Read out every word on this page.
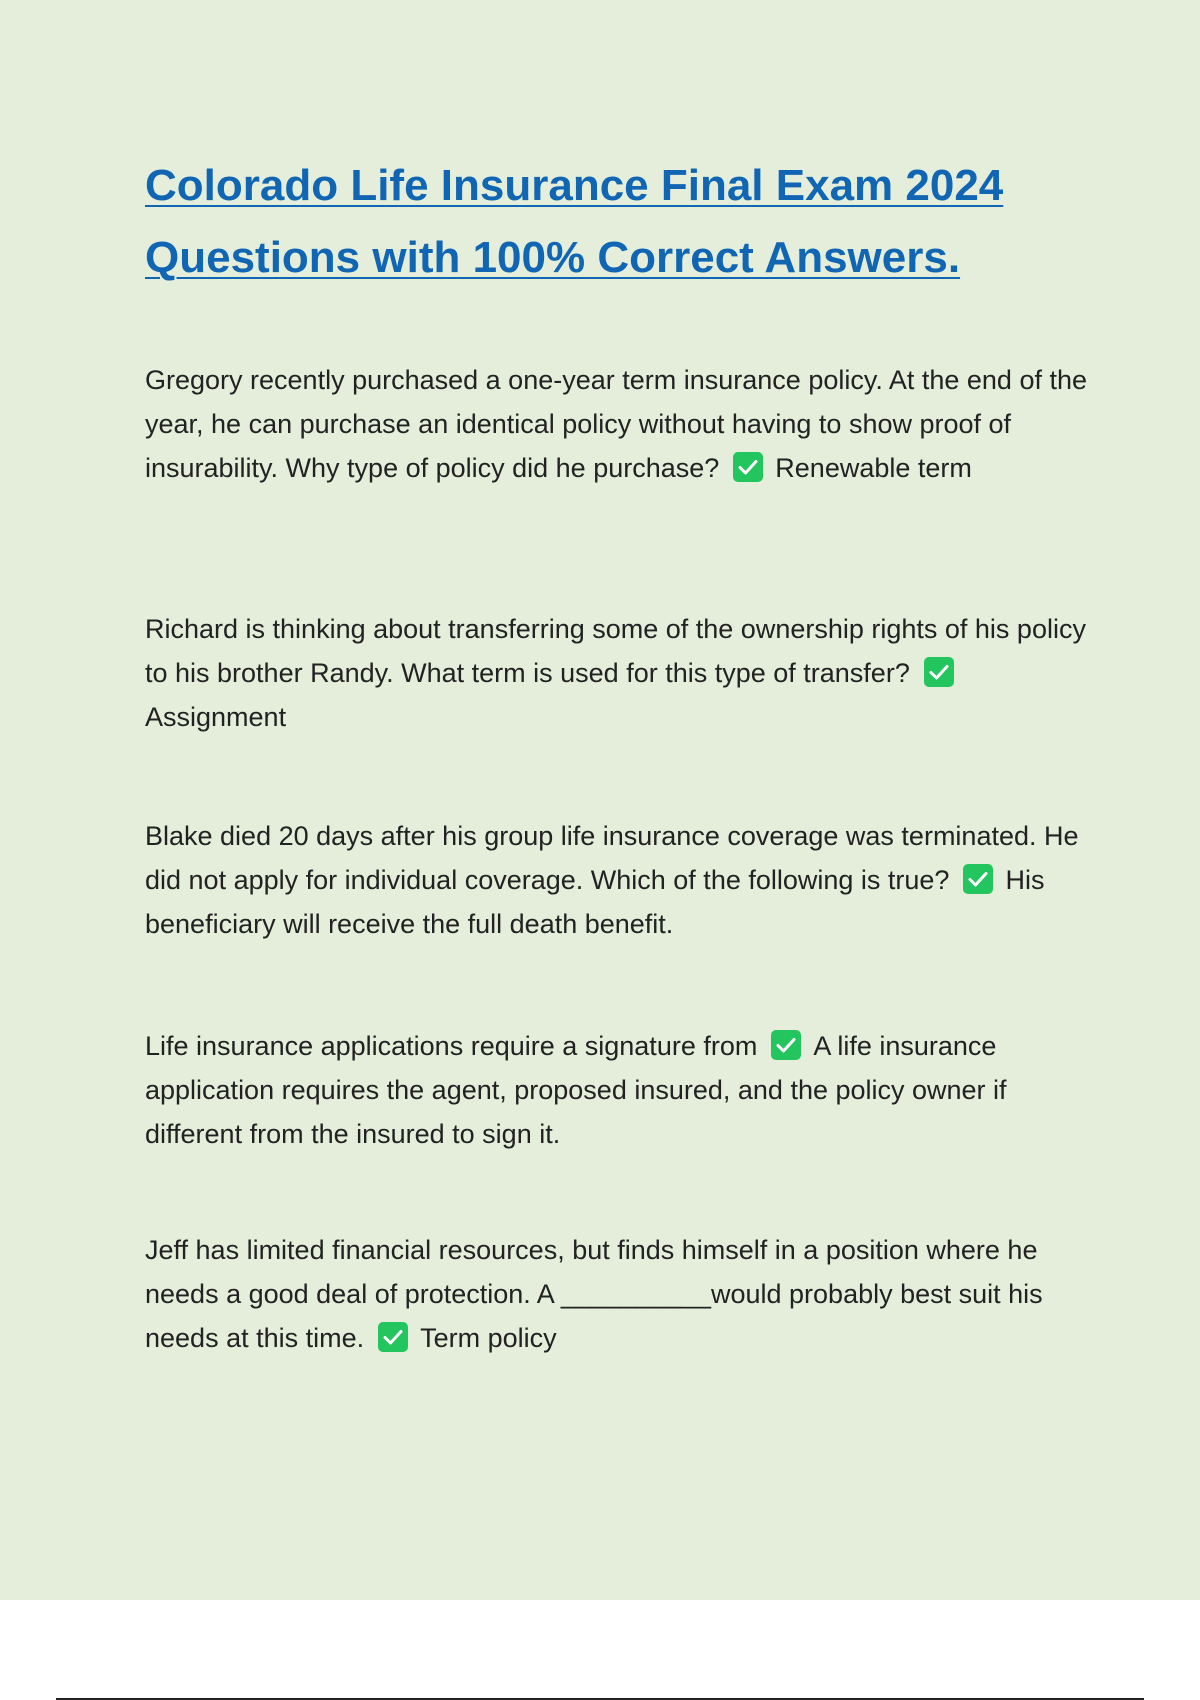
Colorado Life Insurance Final Exam 2024 Questions with 100% Correct Answers.

Gregory recently purchased a one-year term insurance policy. At the end of the year, he can purchase an identical policy without having to show proof of insurability. Why type of policy did he purchase? Renewable term

Richard is thinking about transferring some of the ownership rights of his policy to his brother Randy. What term is used for this type of transfer?
Assignment

Blake died 20 days after his group life insurance coverage was terminated. He did not apply for individual coverage. Which of the following is true? His beneficiary will receive the full death benefit.

Life insurance applications require a signature from A life insurance application requires the agent, proposed insured, and the policy owner if different from the insured to sign it.

Jeff has limited financial resources, but finds himself in a position where he needs a good deal of protection. A __________would probably best suit his needs at this time. Term policy
